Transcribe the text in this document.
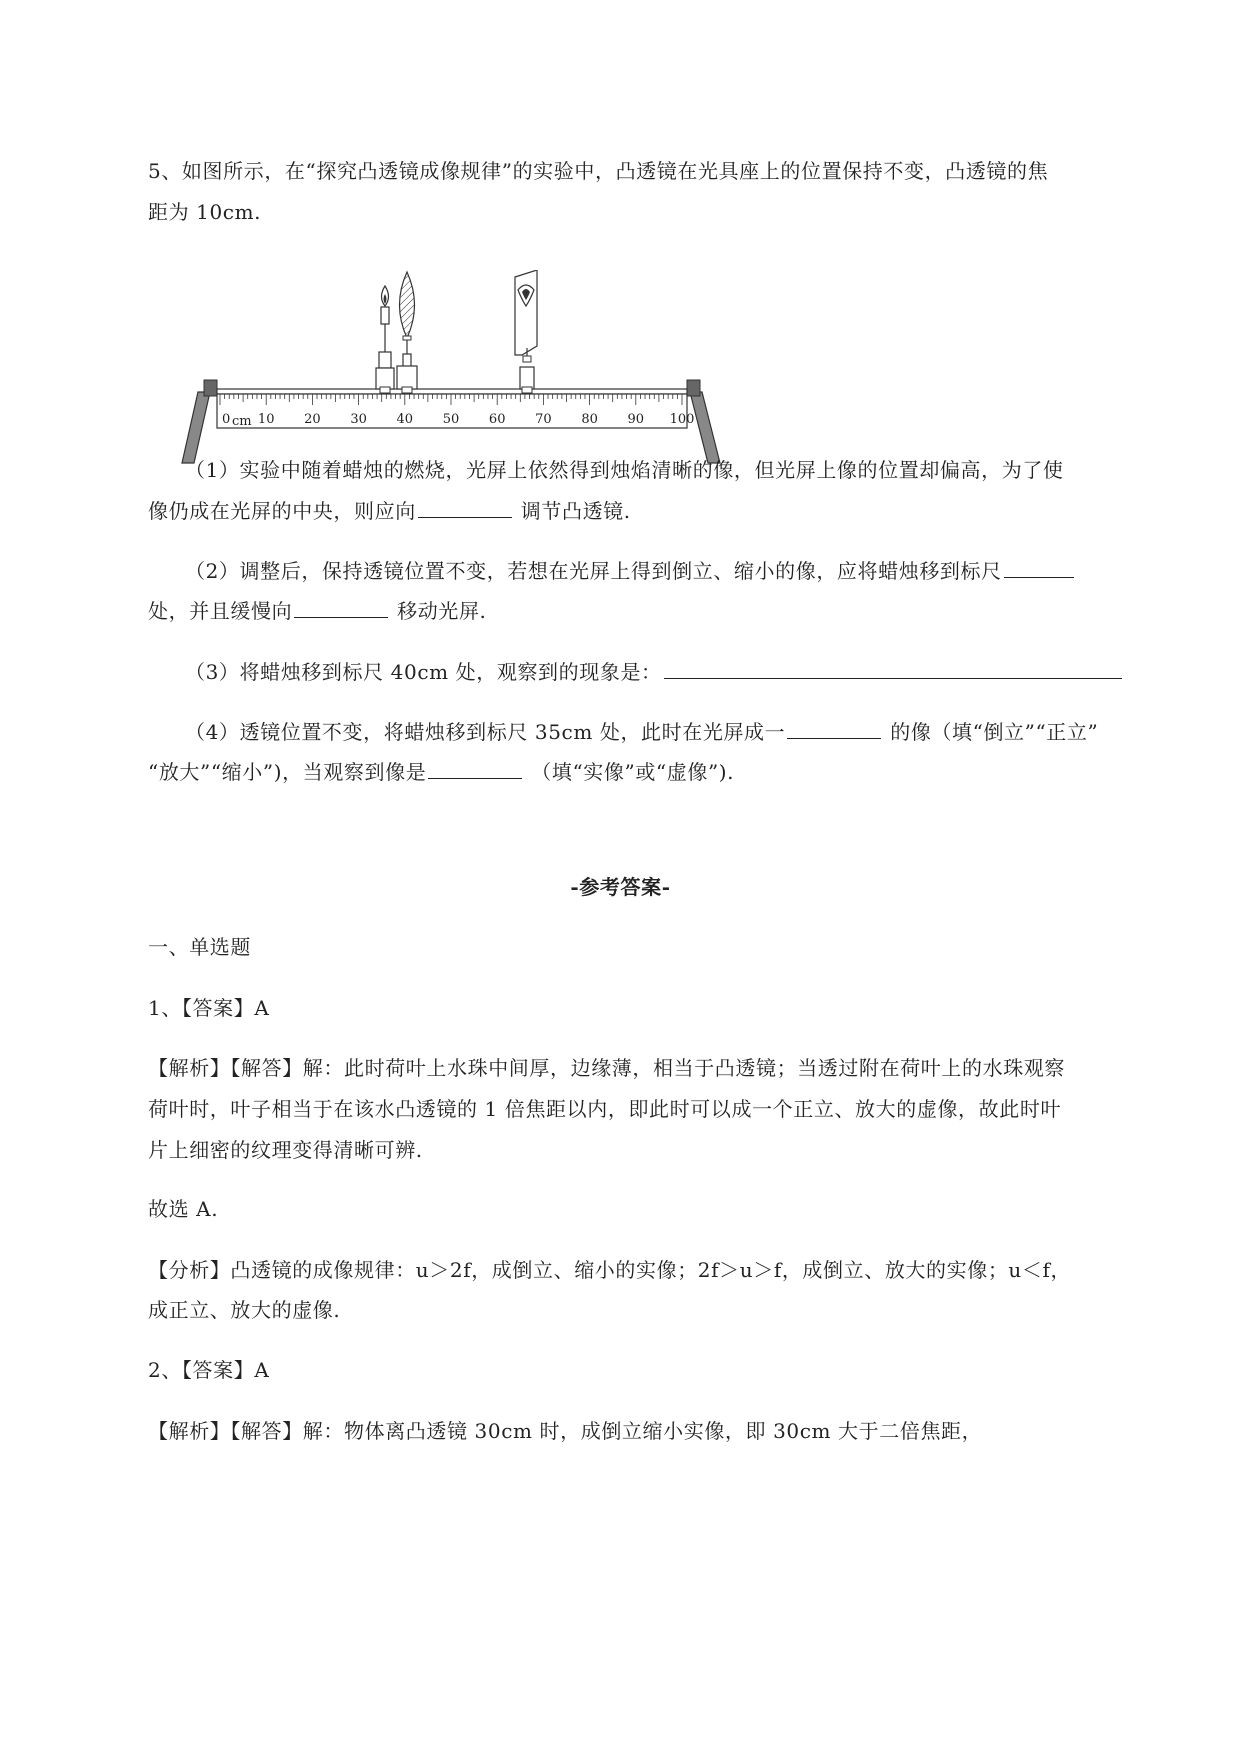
5、如图所示，在“探究凸透镜成像规律”的实验中，凸透镜在光具座上的位置保持不变，凸透镜的焦
距为 10cm.
0 10 20 30 40 50 60 70 80 90 100
cm
（1）实验中随着蜡烛的燃烧，光屏上依然得到烛焰清晰的像，但光屏上像的位置却偏高，为了使
像仍成在光屏的中央，则应向	调节凸透镜.
（2）调整后，保持透镜位置不变，若想在光屏上得到倒立、缩小的像，应将蜡烛移到标尺
处，并且缓慢向	移动光屏.
（3）将蜡烛移到标尺 40cm 处，观察到的现象是：
（4）透镜位置不变，将蜡烛移到标尺 35cm 处，此时在光屏成一	的像（填“倒立”“正立”
“放大”“缩小”)，当观察到像是	（填“实像”或“虚像”).
-参考答案-
一、单选题
1、【答案】A
【解析】【解答】解：此时荷叶上水珠中间厚，边缘薄，相当于凸透镜；当透过附在荷叶上的水珠观察
荷叶时，叶子相当于在该水凸透镜的 1 倍焦距以内，即此时可以成一个正立、放大的虚像，故此时叶
片上细密的纹理变得清晰可辨.
故选 A.
【分析】凸透镜的成像规律：u＞2f，成倒立、缩小的实像；2f＞u＞f，成倒立、放大的实像；u＜f，
成正立、放大的虚像.
2、【答案】A
【解析】【解答】解：物体离凸透镜 30cm 时，成倒立缩小实像，即 30cm 大于二倍焦距，
